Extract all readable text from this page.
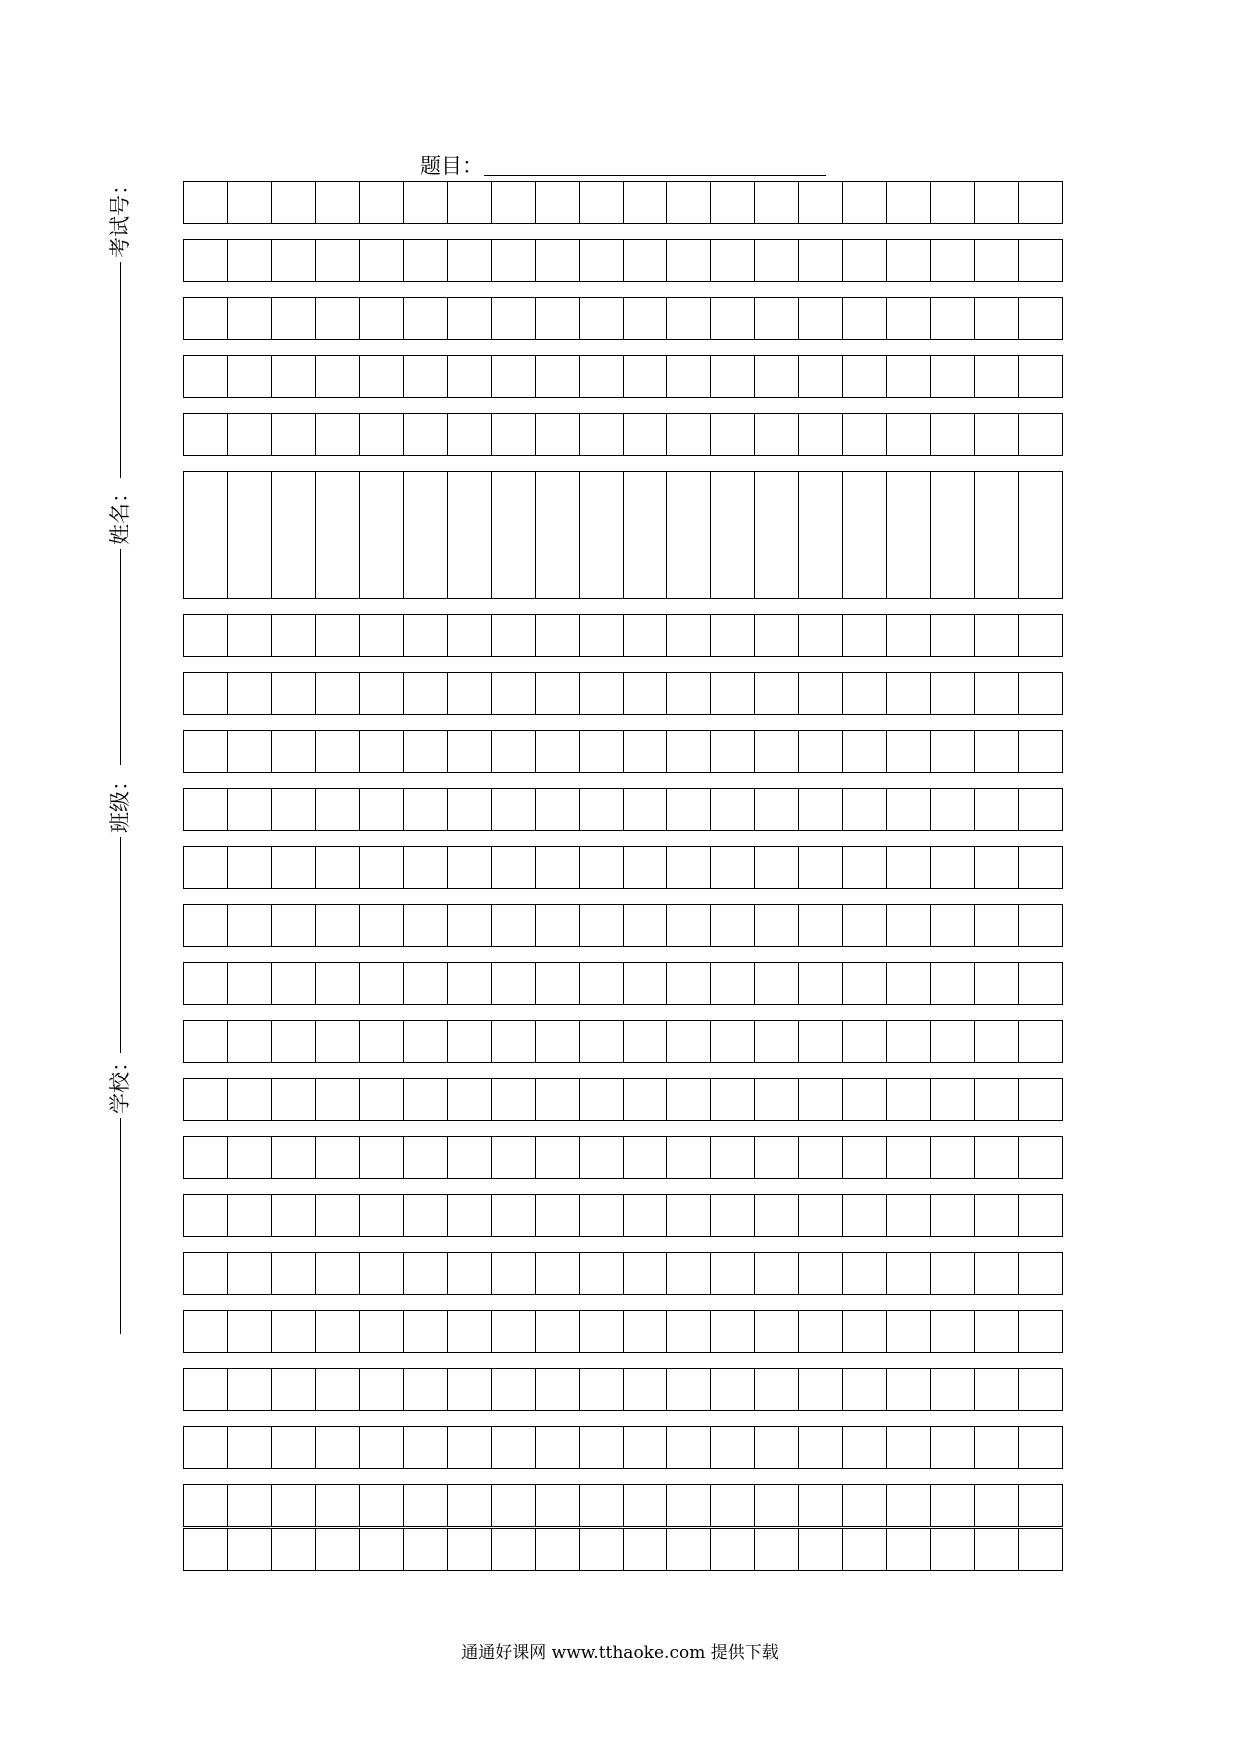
题目：
考试号：
姓名：
班级：
学校：
通通好课网 www.tthaoke.com 提供下载
